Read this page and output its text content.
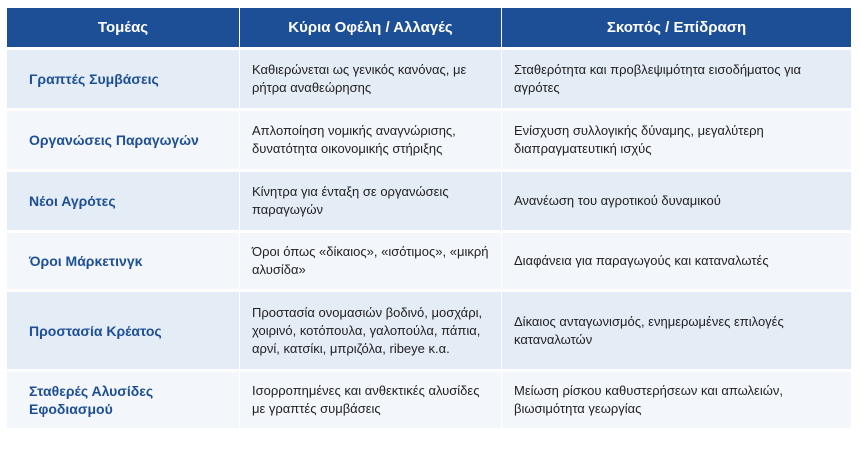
Τομέας	Κύρια Οφέλη / Αλλαγές	Σκοπός / Επίδραση
Γραπτές Συμβάσεις	Καθιερώνεται ως γενικός κανόνας, με ρήτρα αναθεώρησης	Σταθερότητα και προβλεψιμότητα εισοδήματος για αγρότες
Οργανώσεις Παραγωγών	Απλοποίηση νομικής αναγνώρισης, δυνατότητα οικονομικής στήριξης	Ενίσχυση συλλογικής δύναμης, μεγαλύτερη διαπραγματευτική ισχύς
Νέοι Αγρότες	Κίνητρα για ένταξη σε οργανώσεις παραγωγών	Ανανέωση του αγροτικού δυναμικού
Όροι Μάρκετινγκ	Όροι όπως «δίκαιος», «ισότιμος», «μικρή αλυσίδα»	Διαφάνεια για παραγωγούς και καταναλωτές
Προστασία Κρέατος	Προστασία ονομασιών βοδινό, μοσχάρι, χοιρινό, κοτόπουλα, γαλοπούλα, πάπια, αρνί, κατσίκι, μπριζόλα, ribeye κ.α.	Δίκαιος ανταγωνισμός, ενημερωμένες επιλογές καταναλωτών
Σταθερές Αλυσίδες Εφοδιασμού	Ισορροπημένες και ανθεκτικές αλυσίδες με γραπτές συμβάσεις	Μείωση ρίσκου καθυστερήσεων και απωλειών, βιωσιμότητα γεωργίας
